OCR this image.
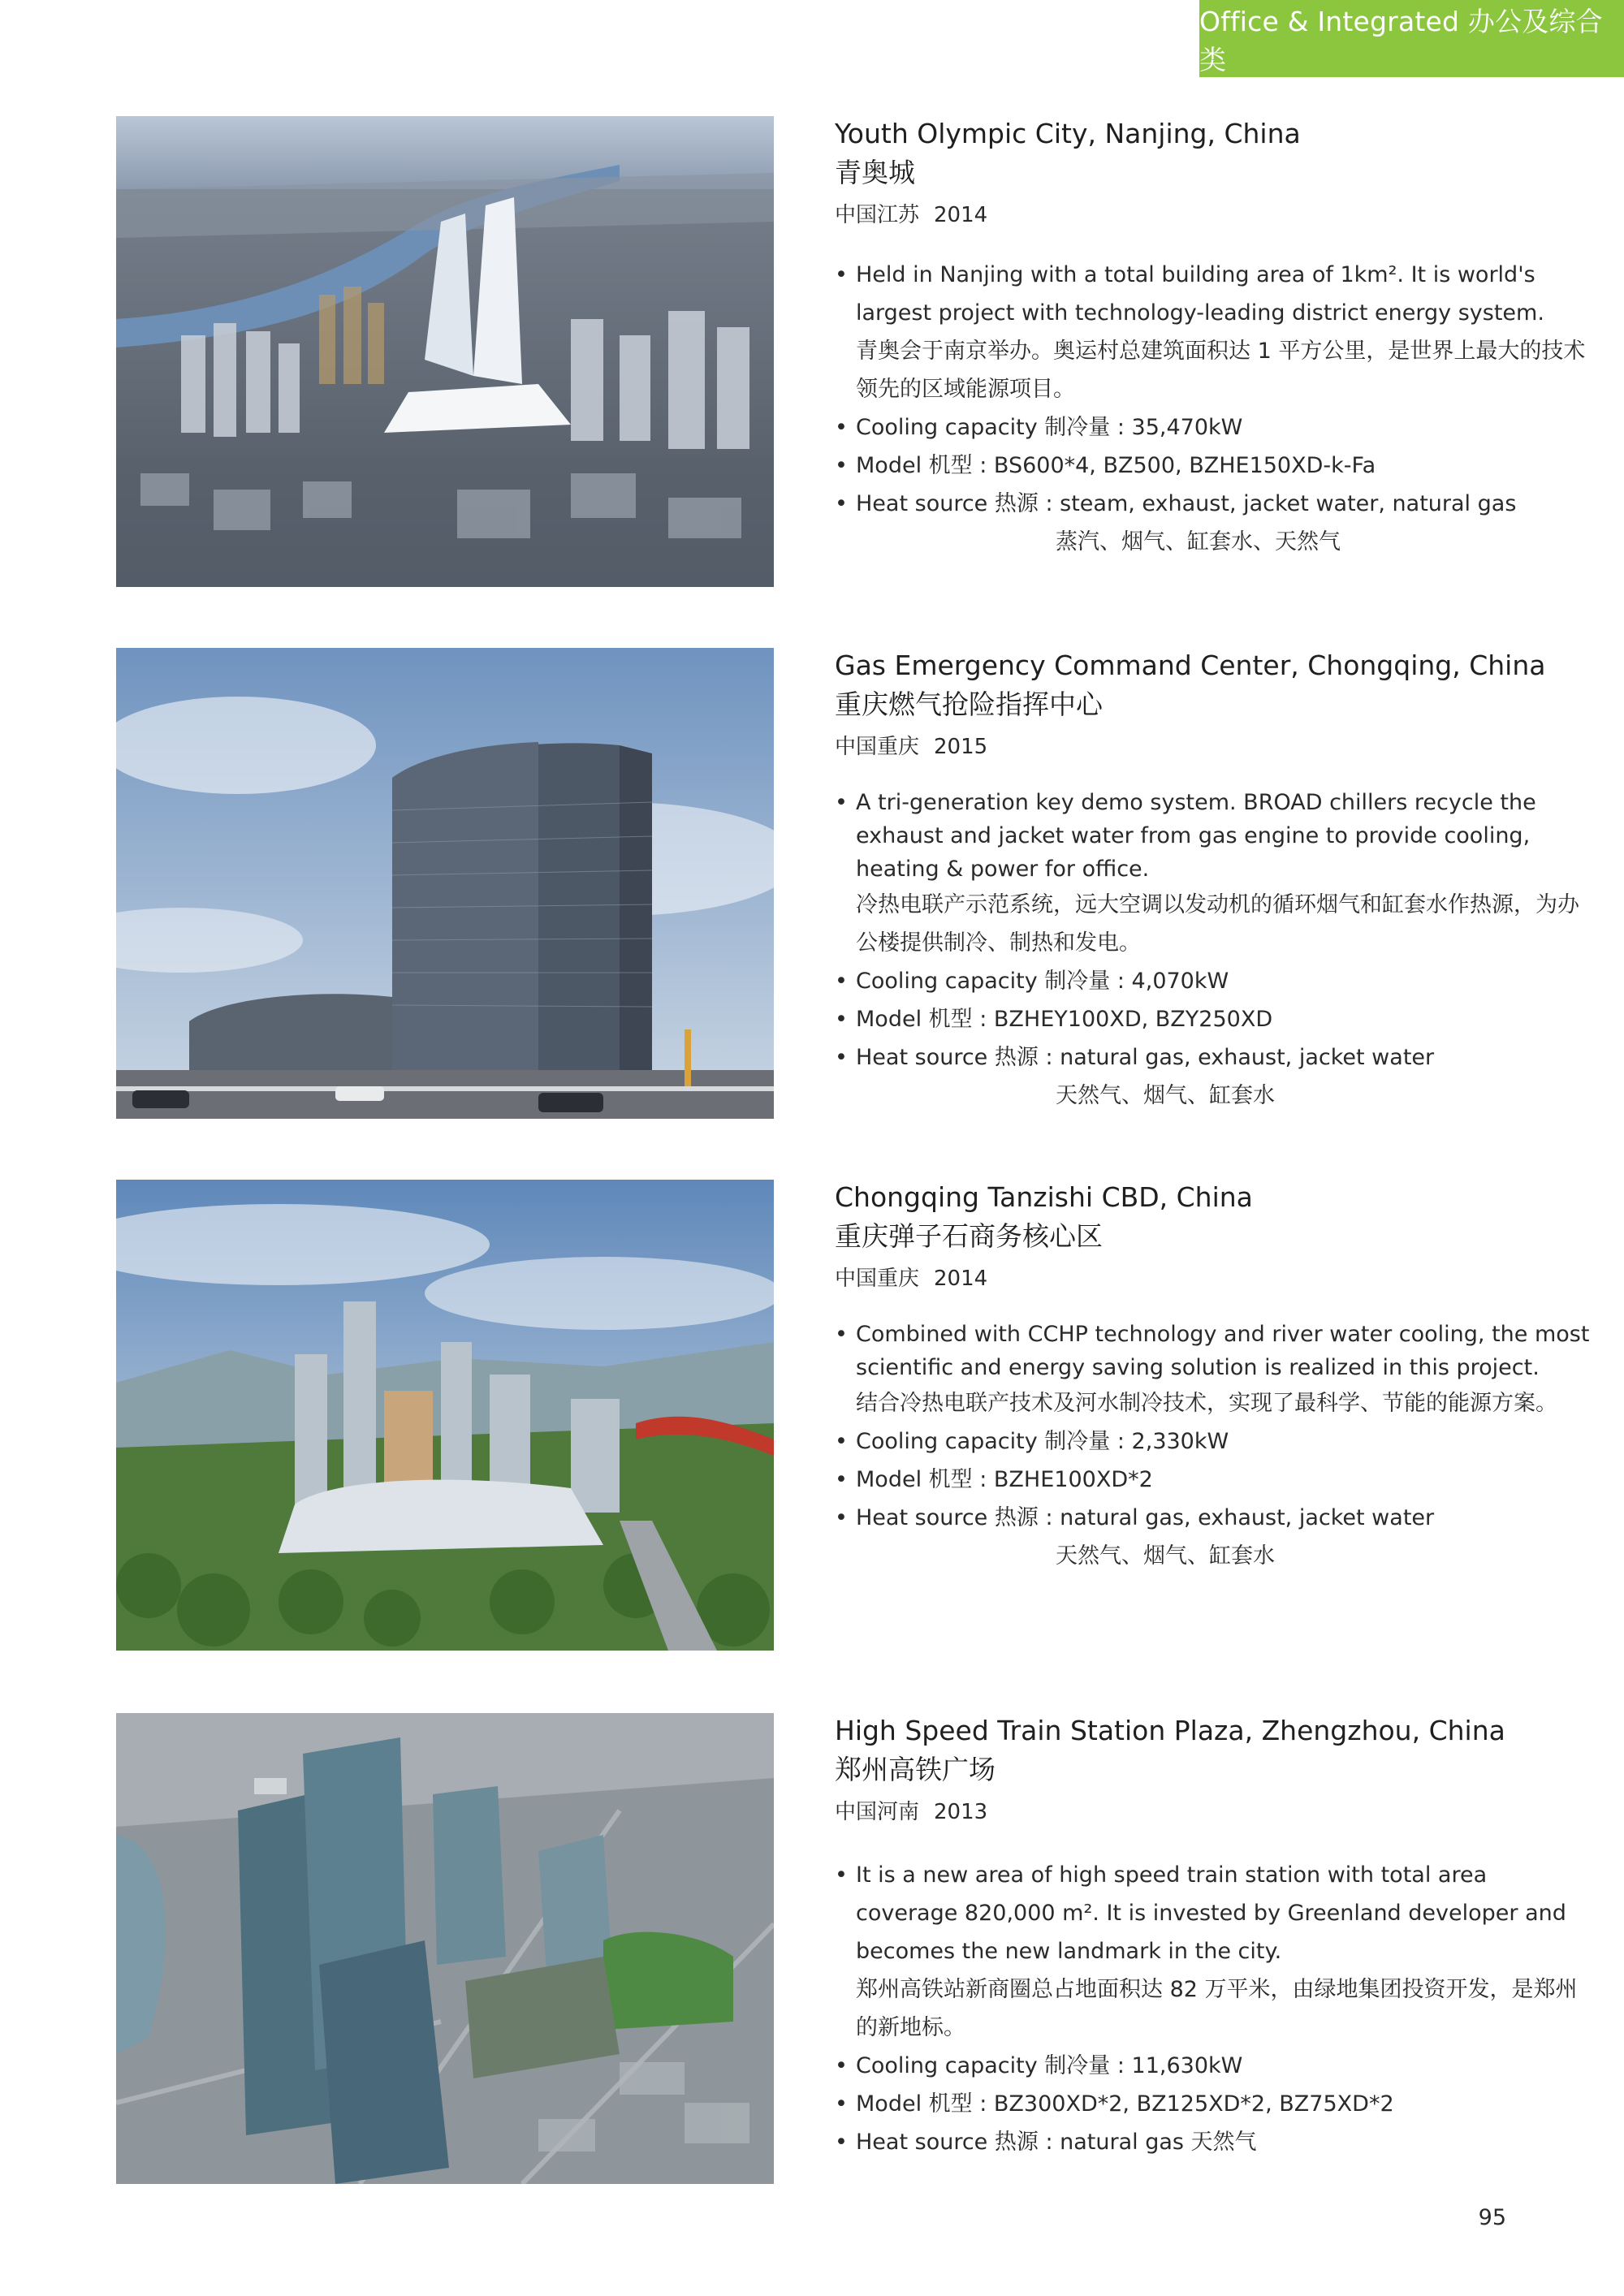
Office & Integrated 办公及综合类
Youth Olympic City, Nanjing, China
青奥城
中国江苏 2014
• Held in Nanjing with a total building area of 1km². It is world's largest project with technology-leading district energy system.
青奥会于南京举办。奥运村总建筑面积达 1 平方公里，是世界上最大的技术领先的区域能源项目。
• Cooling capacity 制冷量 : 35,470kW
• Model 机型 : BS600*4, BZ500, BZHE150XD-k-Fa
• Heat source 热源 : steam, exhaust, jacket water, natural gas
蒸汽、烟气、缸套水、天然气
Gas Emergency Command Center, Chongqing, China
重庆燃气抢险指挥中心
中国重庆 2015
• A tri-generation key demo system. BROAD chillers recycle the exhaust and jacket water from gas engine to provide cooling, heating & power for office.
冷热电联产示范系统，远大空调以发动机的循环烟气和缸套水作热源，为办公楼提供制冷、制热和发电。
• Cooling capacity 制冷量 : 4,070kW
• Model 机型 : BZHEY100XD, BZY250XD
• Heat source 热源 : natural gas, exhaust, jacket water
天然气、烟气、缸套水
Chongqing Tanzishi CBD, China
重庆弹子石商务核心区
中国重庆 2014
• Combined with CCHP technology and river water cooling, the most scientific and energy saving solution is realized in this project.
结合冷热电联产技术及河水制冷技术，实现了最科学、节能的能源方案。
• Cooling capacity 制冷量 : 2,330kW
• Model 机型 : BZHE100XD*2
• Heat source 热源 : natural gas, exhaust, jacket water
天然气、烟气、缸套水
High Speed Train Station Plaza, Zhengzhou, China
郑州高铁广场
中国河南 2013
• It is a new area of high speed train station with total area coverage 820,000 m². It is invested by Greenland developer and becomes the new landmark in the city.
郑州高铁站新商圈总占地面积达 82 万平米，由绿地集团投资开发，是郑州的新地标。
• Cooling capacity 制冷量 : 11,630kW
• Model 机型 : BZ300XD*2, BZ125XD*2, BZ75XD*2
• Heat source 热源 : natural gas 天然气
95
